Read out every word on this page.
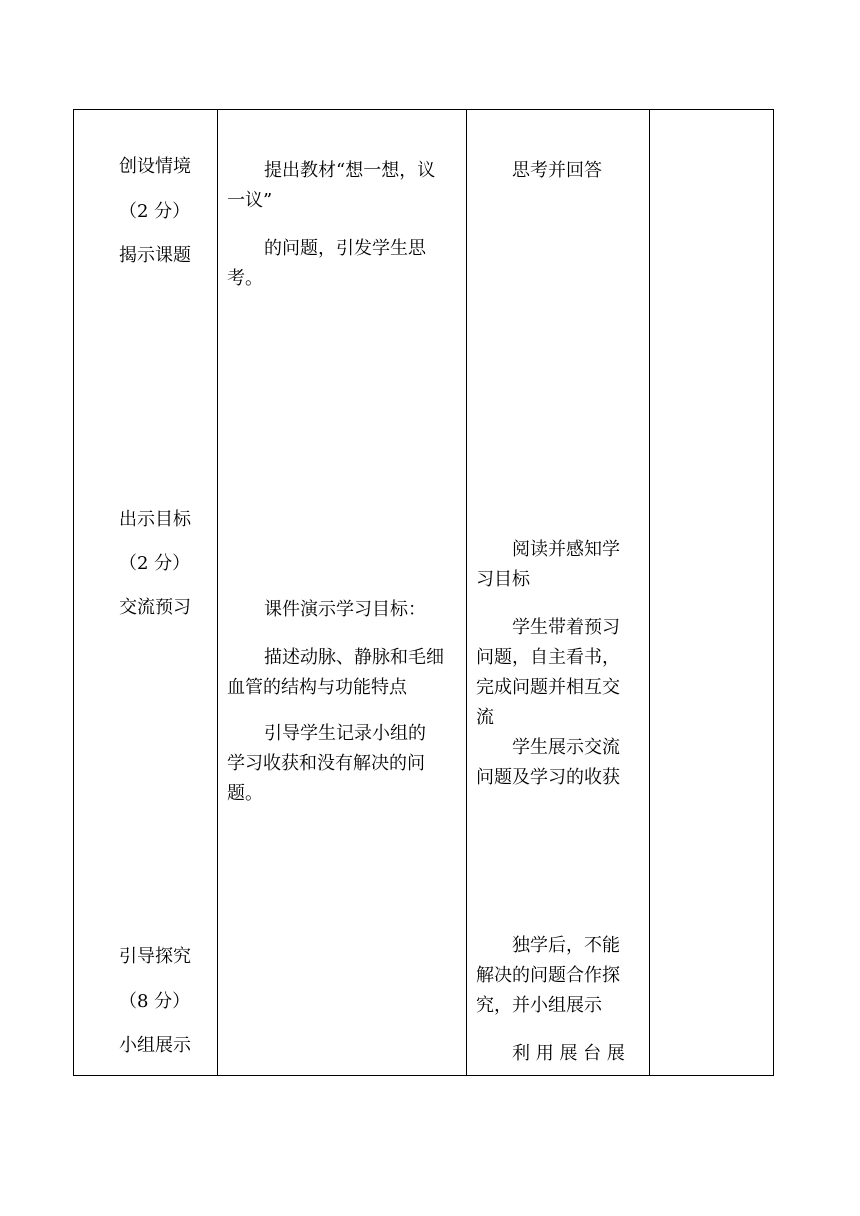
创设情境
（2 分）
揭示课题
出示目标
（2 分）
交流预习
引导探究
（8 分）
小组展示
提出教材“想一想，议
一议”
的问题，引发学生思
考。
课件演示学习目标：
描述动脉、静脉和毛细
血管的结构与功能特点
引导学生记录小组的
学习收获和没有解决的问
题。
思考并回答
阅读并感知学
习目标
学生带着预习
问题，自主看书，
完成问题并相互交
流
学生展示交流
问题及学习的收获
独学后，不能
解决的问题合作探
究，并小组展示
利 用 展 台 展
